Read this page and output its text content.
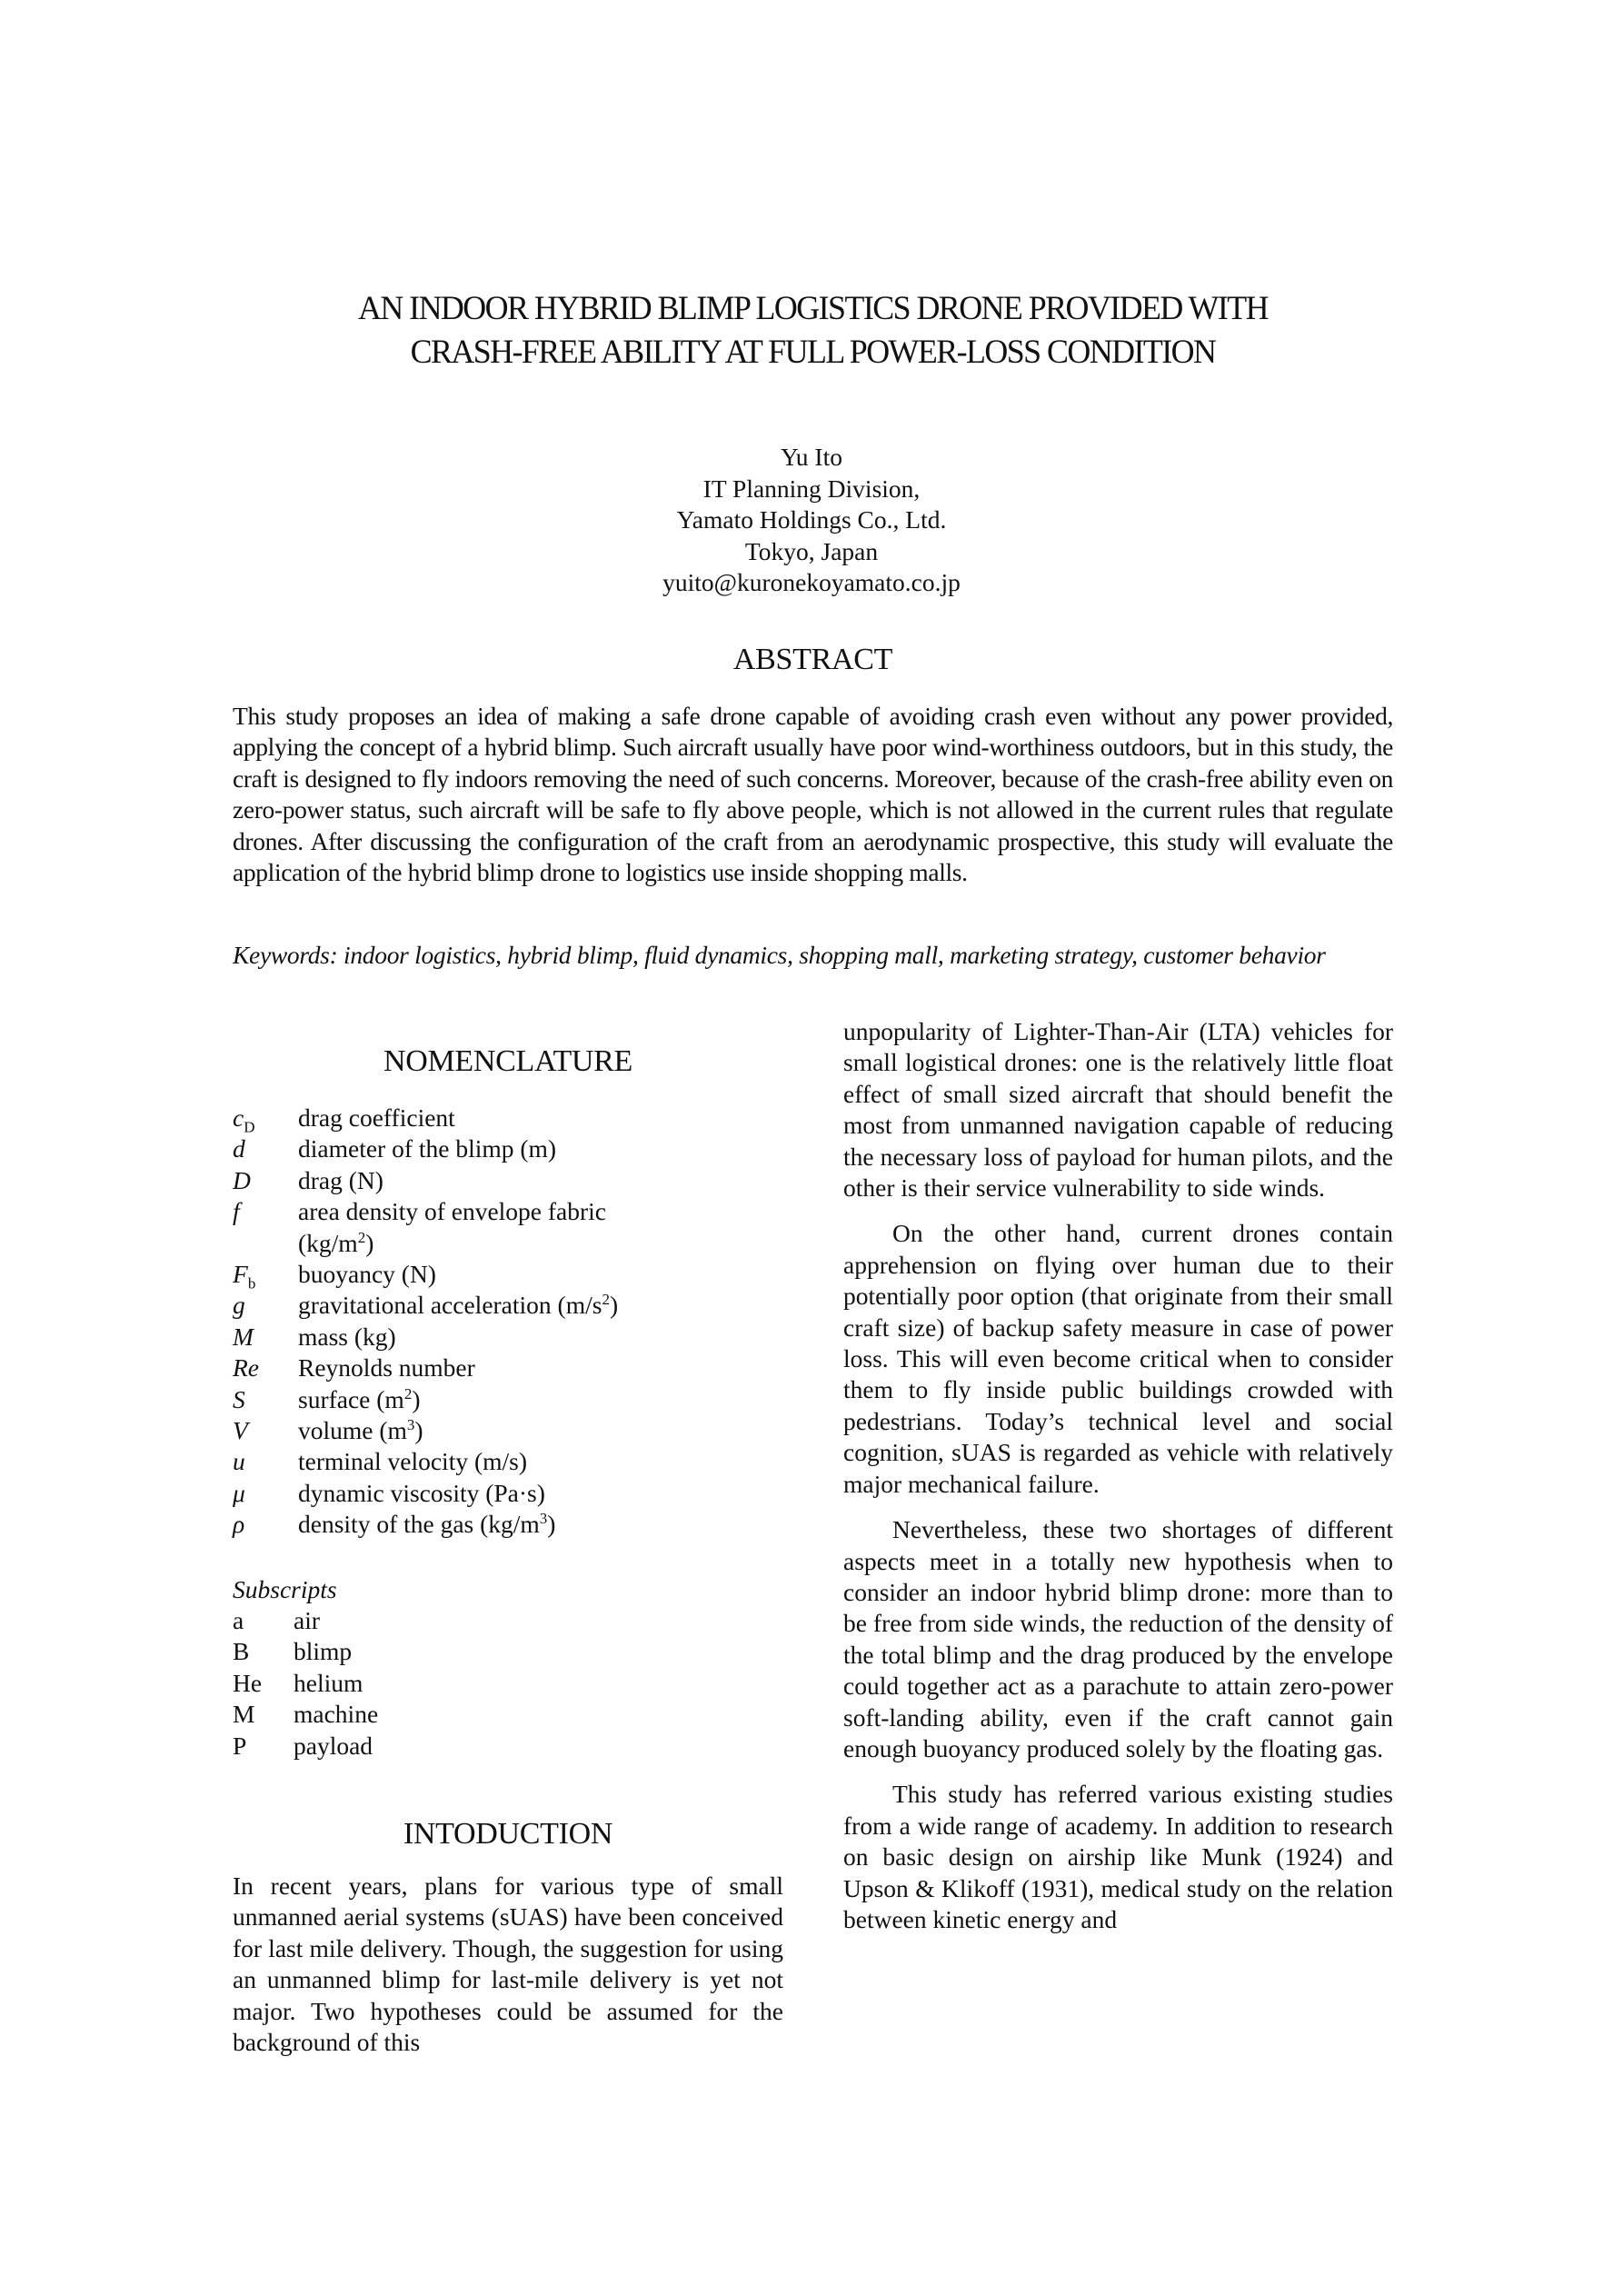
AN INDOOR HYBRID BLIMP LOGISTICS DRONE PROVIDED WITH
CRASH-FREE ABILITY AT FULL POWER-LOSS CONDITION
Yu Ito
IT Planning Division,
Yamato Holdings Co., Ltd.
Tokyo, Japan
yuito@kuronekoyamato.co.jp
ABSTRACT
This study proposes an idea of making a safe drone capable of avoiding crash even without any power provided, applying the concept of a hybrid blimp. Such aircraft usually have poor wind-worthiness outdoors, but in this study, the craft is designed to fly indoors removing the need of such concerns. Moreover, because of the crash-free ability even on zero-power status, such aircraft will be safe to fly above people, which is not allowed in the current rules that regulate drones. After discussing the configuration of the craft from an aerodynamic prospective, this study will evaluate the application of the hybrid blimp drone to logistics use inside shopping malls.
Keywords: indoor logistics, hybrid blimp, fluid dynamics, shopping mall, marketing strategy, customer behavior
NOMENCLATURE
$c_D$	drag coefficient
d	diameter of the blimp (m)
D	drag (N)
f	area density of envelope fabric $(kg/m^2)$
$F_b$	buoyancy (N)
g	gravitational acceleration $(m/s^2)$
M	mass (kg)
Re	Reynolds number
S	surface $(m^2)$
V	volume $(m^3)$
u	terminal velocity (m/s)
μ	dynamic viscosity (Pa·s)
ρ	density of the gas $(kg/m^3)$
Subscripts
a	air
B	blimp
He	helium
M	machine
P	payload
INTODUCTION

In recent years, plans for various type of small unmanned aerial systems (sUAS) have been conceived for last mile delivery. Though, the suggestion for using an unmanned blimp for last-mile delivery is yet not major. Two hypotheses could be assumed for the background of this

unpopularity of Lighter-Than-Air (LTA) vehicles for small logistical drones: one is the relatively little float effect of small sized aircraft that should benefit the most from unmanned navigation capable of reducing the necessary loss of payload for human pilots, and the other is their service vulnerability to side winds.

On the other hand, current drones contain apprehension on flying over human due to their potentially poor option (that originate from their small craft size) of backup safety measure in case of power loss. This will even become critical when to consider them to fly inside public buildings crowded with pedestrians. Today’s technical level and social cognition, sUAS is regarded as vehicle with relatively major mechanical failure.

Nevertheless, these two shortages of different aspects meet in a totally new hypothesis when to consider an indoor hybrid blimp drone: more than to be free from side winds, the reduction of the density of the total blimp and the drag produced by the envelope could together act as a parachute to attain zero-power soft-landing ability, even if the craft cannot gain enough buoyancy produced solely by the floating gas.

This study has referred various existing studies from a wide range of academy. In addition to research on basic design on airship like Munk (1924) and Upson & Klikoff (1931), medical study on the relation between kinetic energy and
